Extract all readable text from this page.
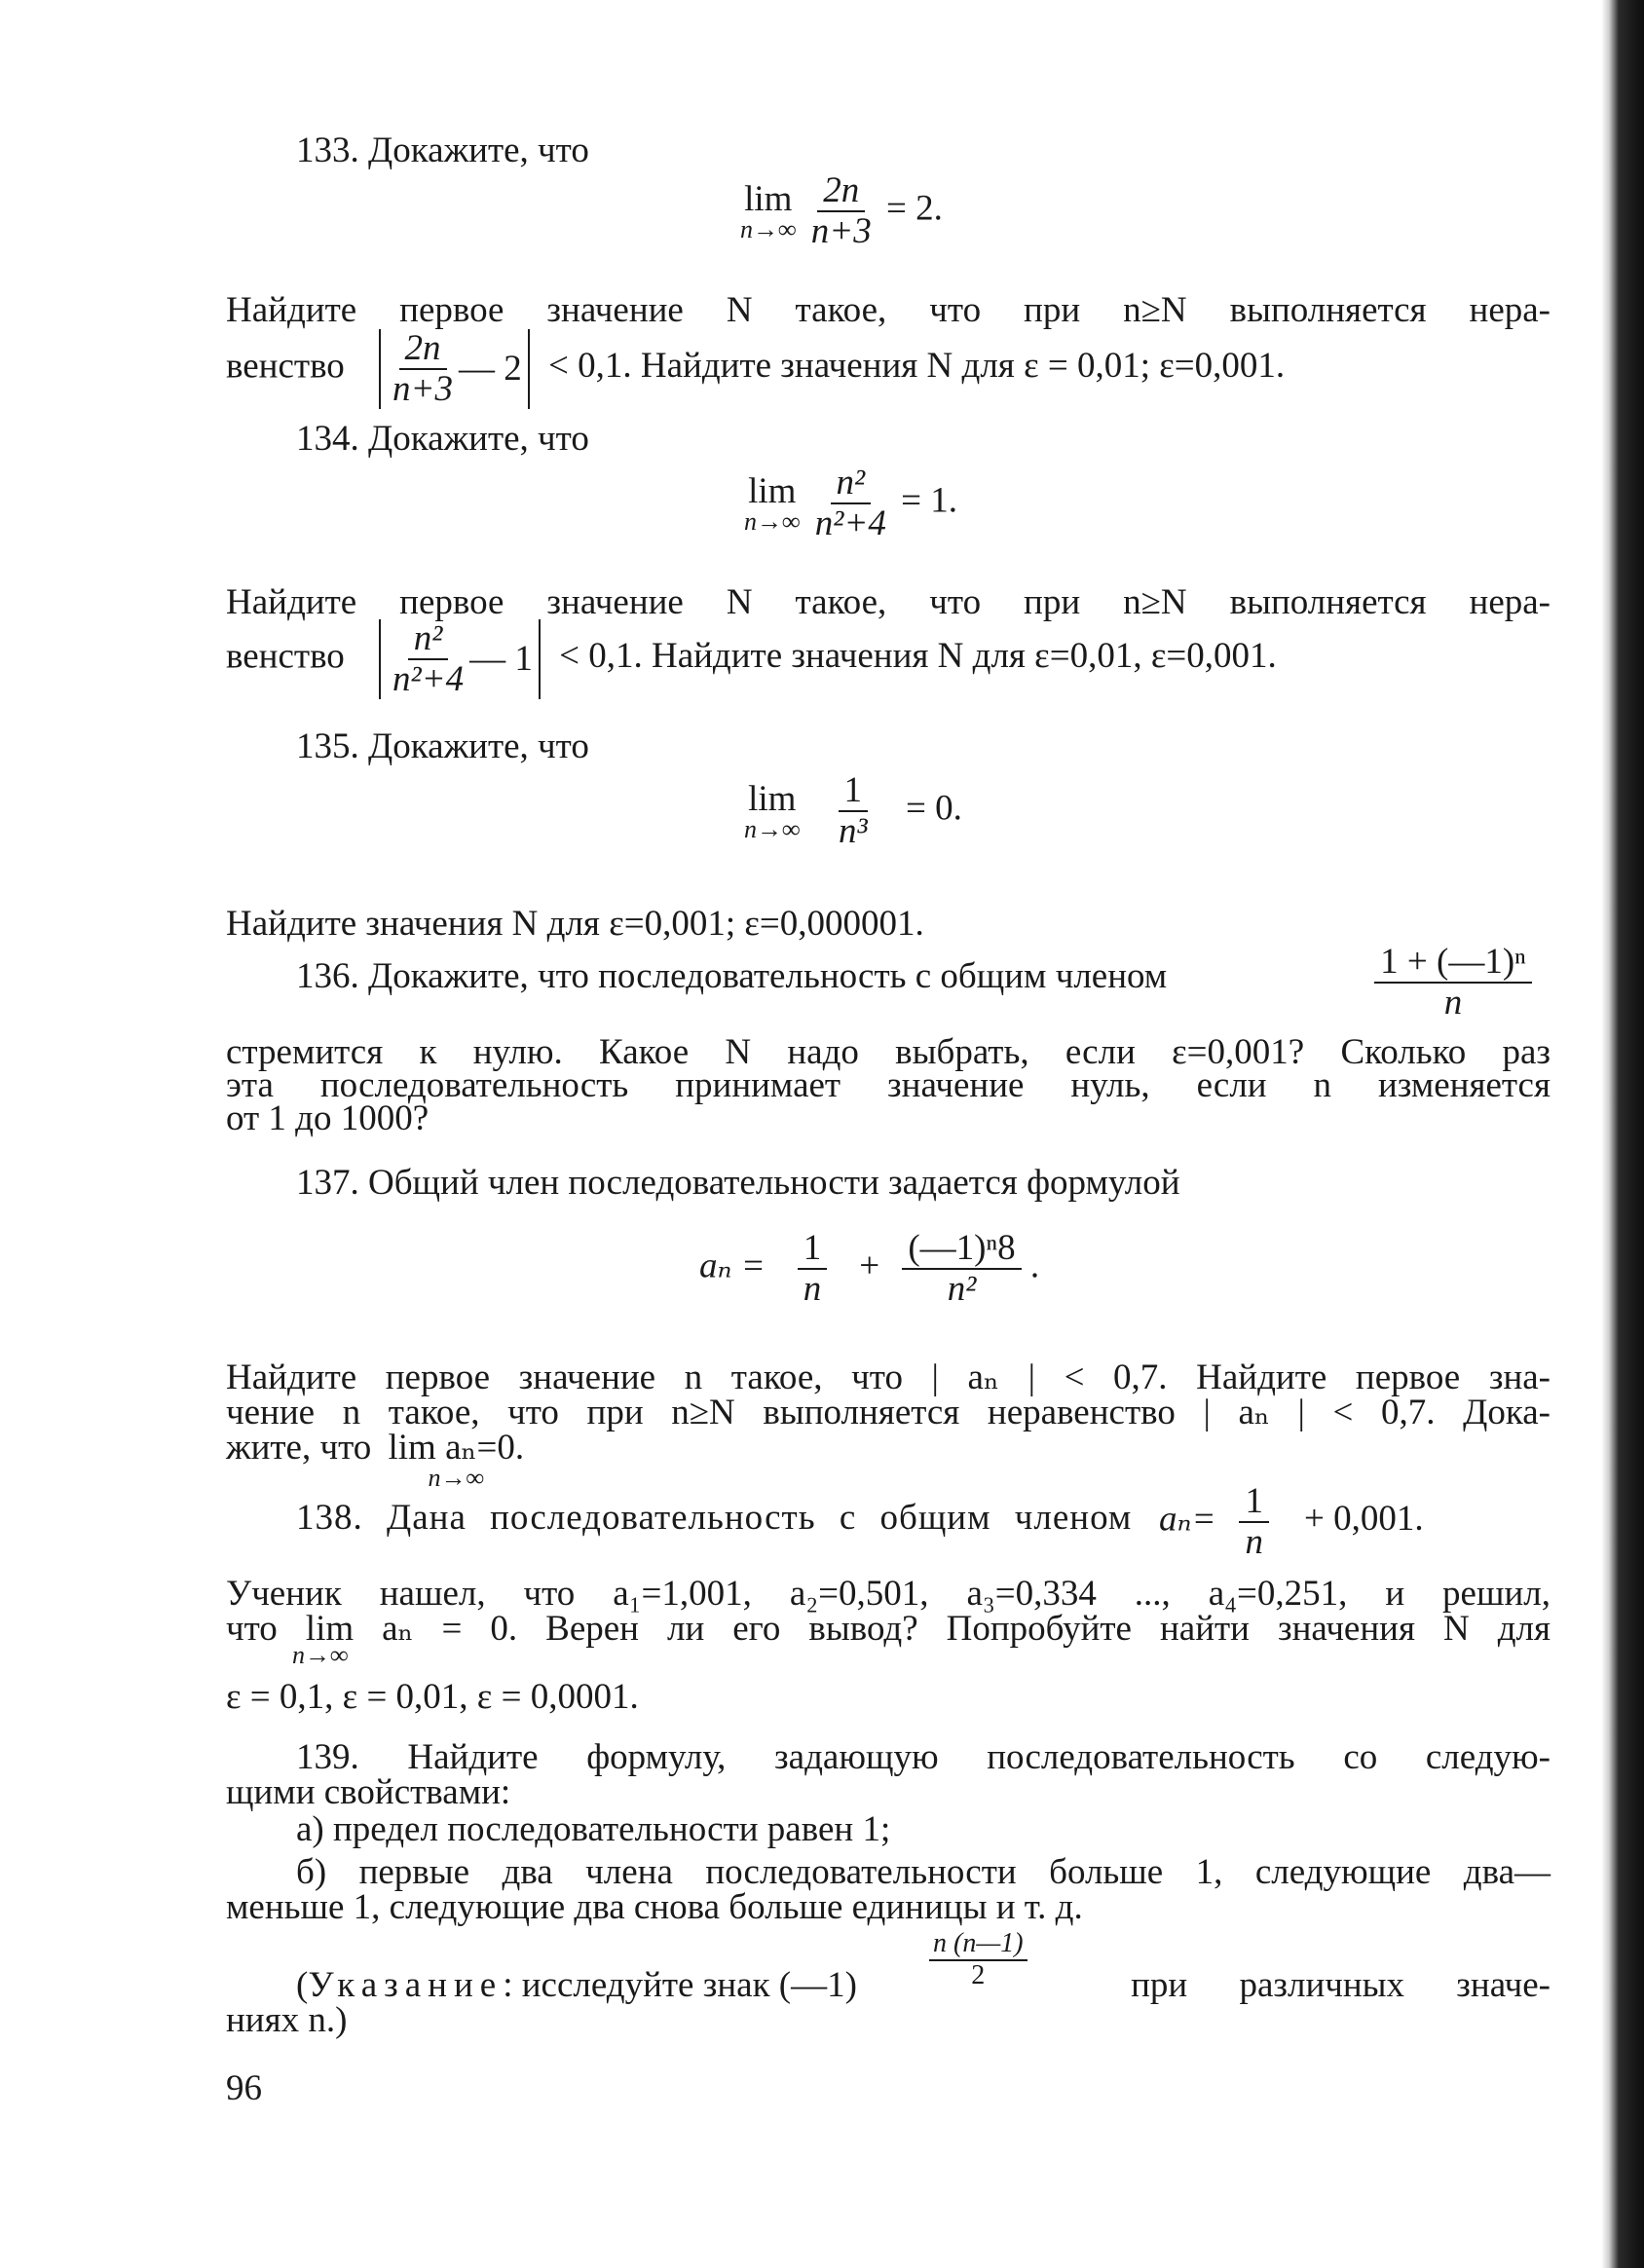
133. Докажите, что
lim
n→∞
$\frac{2n}{n+3} = 2$.
Найдите первое значение N такое, что при n≥N выполняется нера-
венство $\frac{2n}{n+3}$ — 2 < 0,1. Найдите значения N для ε = 0,01; ε=0,001.
134. Докажите, что
lim
n→∞
$\frac{\text{n²}}{\text{n²+4}} = 1$.
Найдите первое значение N такое, что при n≥N выполняется нера-
венство $\frac{\text{n²}}{\text{n²+4}}$ — 1 < 0,1. Найдите значения N для ε=0,01, ε=0,001.
135. Докажите, что
lim
n→∞
$\frac{1}{\text{n³}} = 0$.
Найдите значения N для ε=0,001; ε=0,000001.
136. Докажите, что последовательность с общим членом	$\frac{\text{1 + (—1)ⁿ}}{n}$
стремится к нулю. Какое N надо выбрать, если ε=0,001? Сколько раз
эта последовательность принимает значение нуль, если n изменяется
от 1 до 1000?
137. Общий член последовательности задается формулой
$a_n = \frac{1}{n} + \frac{\text{(—1)ⁿ8}}{\text{n²}}$ .
Найдите первое значение n такое, что | aₙ | < 0,7. Найдите первое зна-
чение n такое, что при n≥N выполняется неравенство | aₙ | < 0,7. Дока-
жите, что lim aₙ=0.
n→∞
138. Дана последовательность с общим членом $a_n= \frac{1}{n} + 0,001$.
Ученик нашел, что a₁=1,001, a₂=0,501, a₃=0,334 ..., a₄=0,251, и решил,
что lim aₙ = 0. Верен ли его вывод? Попробуйте найти значения N для
n→∞
ε = 0,1, ε = 0,01, ε = 0,0001.
139. Найдите формулу, задающую последовательность со следую-
щими свойствами:
а) предел последовательности равен 1;
б) первые два члена последовательности больше 1, следующие два—
меньше 1, следующие два снова больше единицы и т. д.
(Указание: исследуйте знак (—1)	$\frac{n (n—1)}{2}$	при различных значе-
ниях n.)
96
